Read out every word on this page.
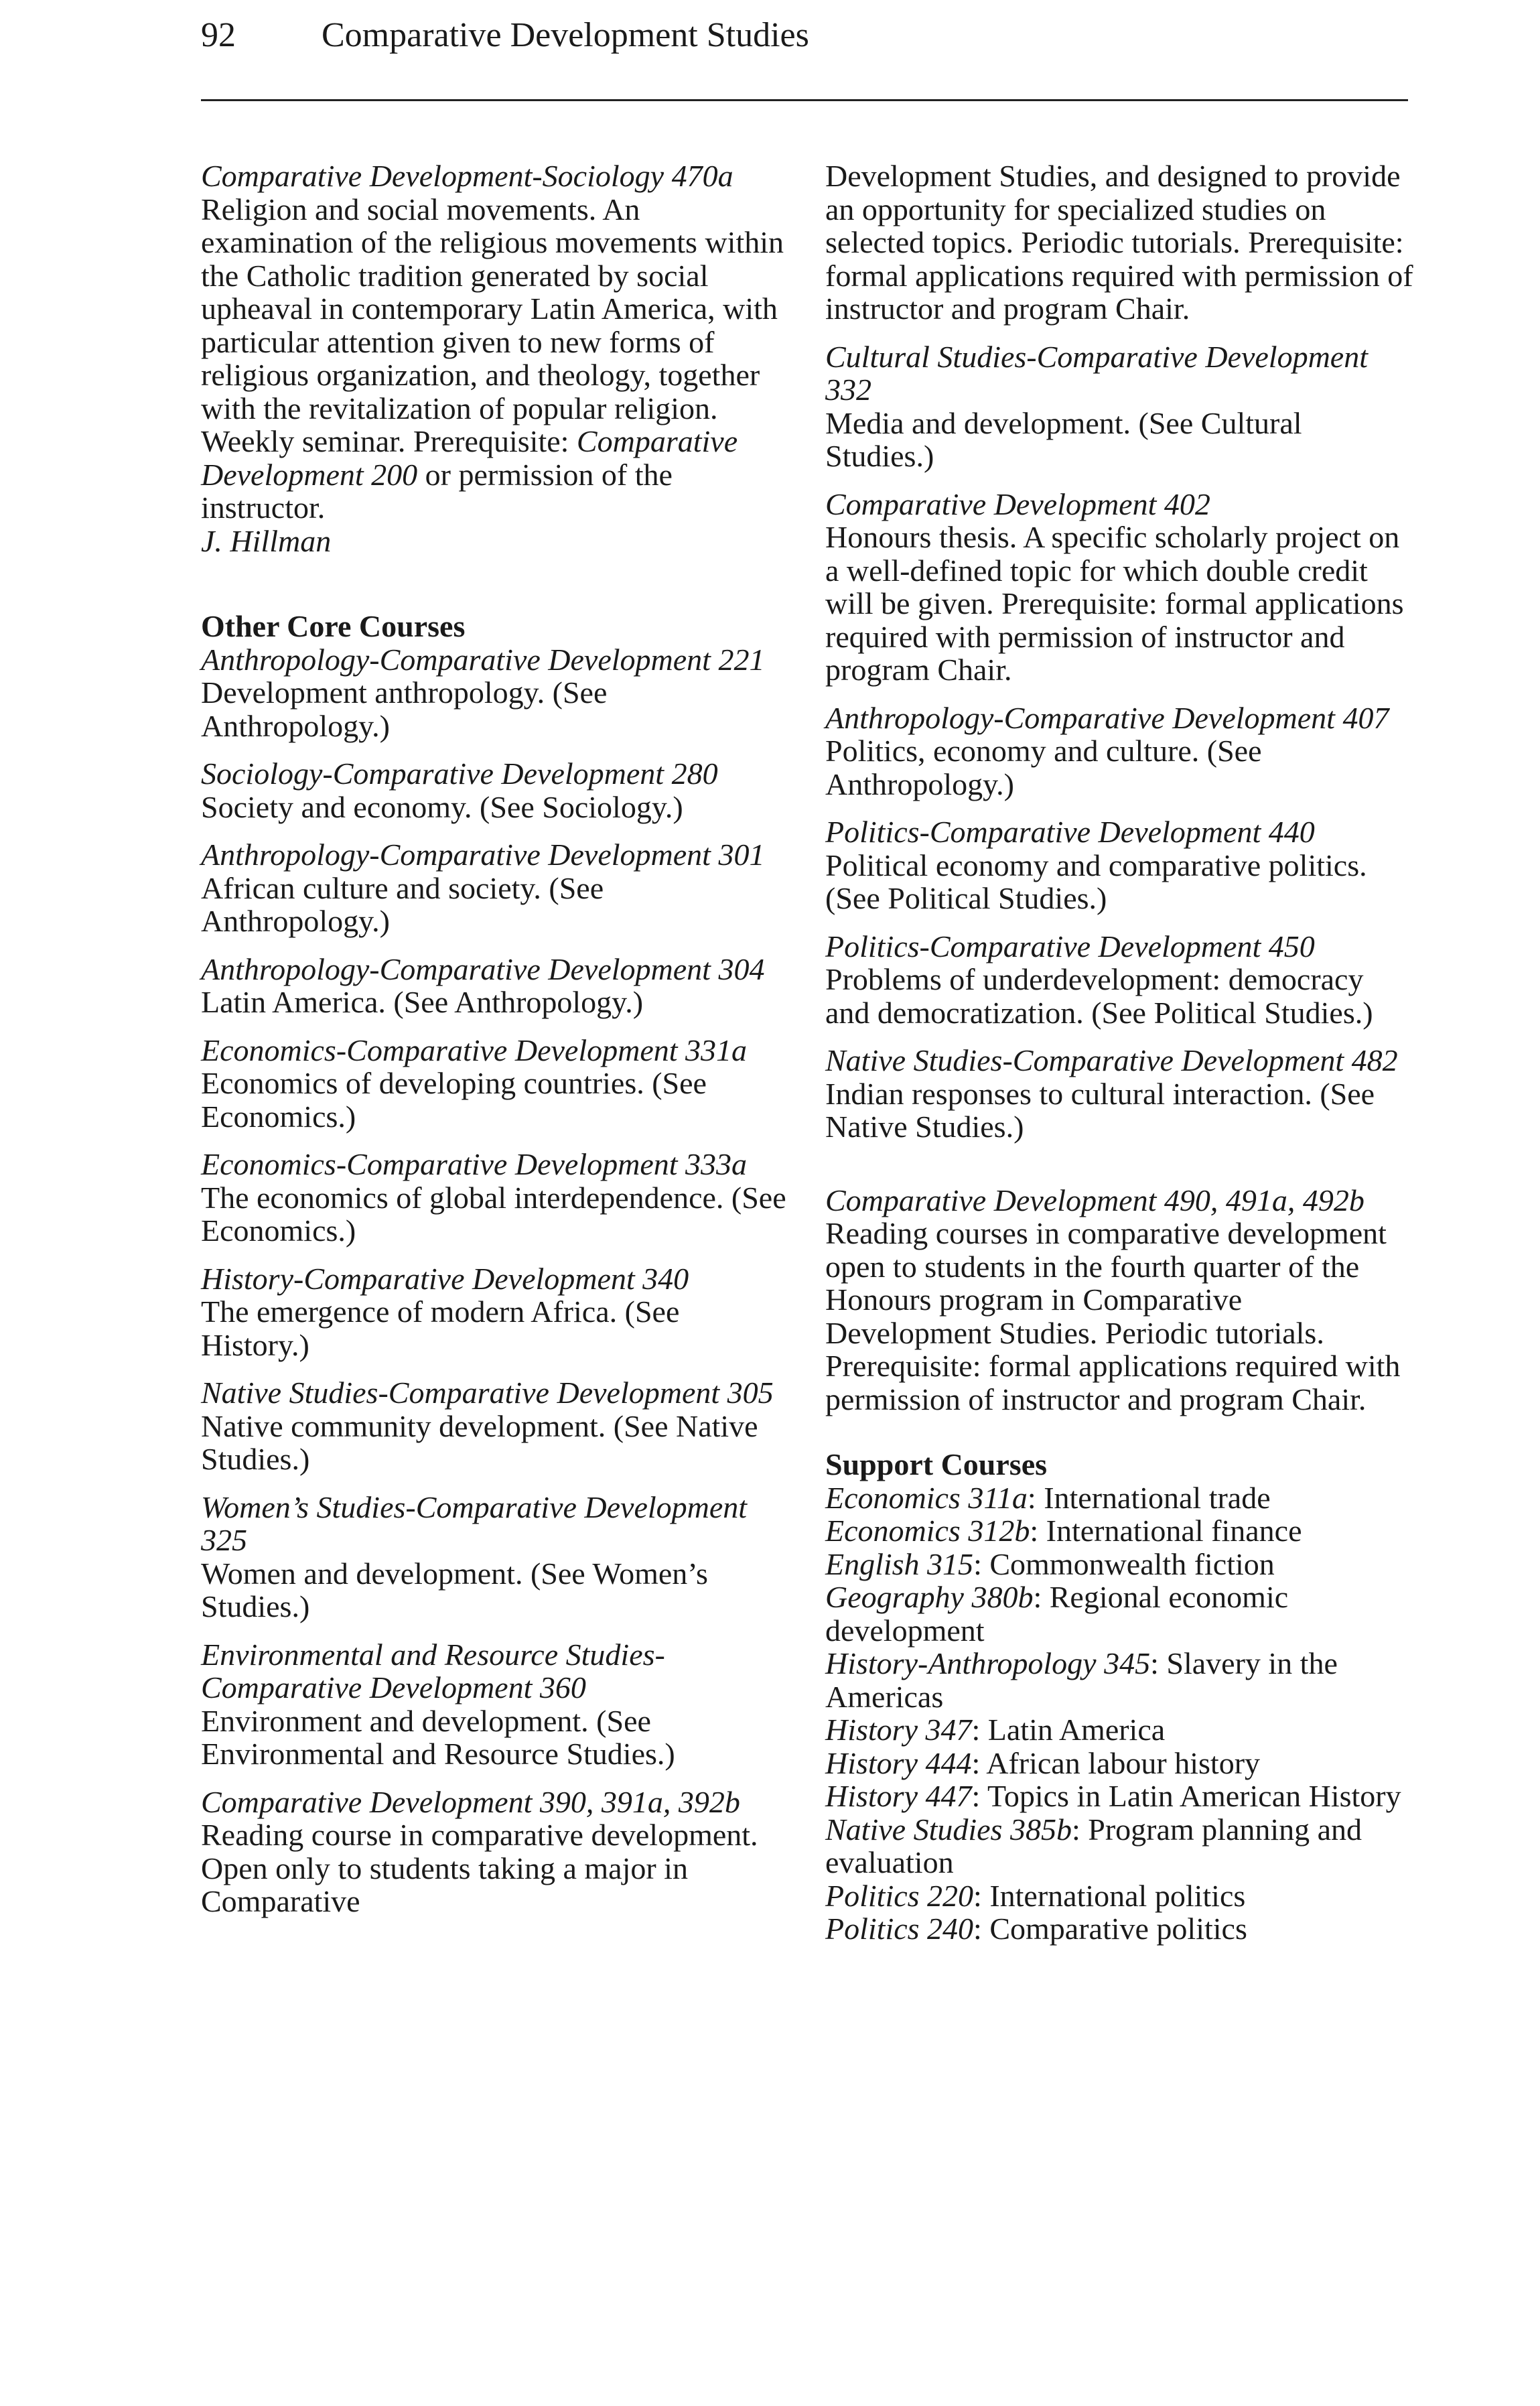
92 Comparative Development Studies
Comparative Development-Sociology 470a
Religion and social movements. An examination of the religious movements within the Catholic tradition generated by social upheaval in contemporary Latin America, with particular attention given to new forms of religious organization, and theology, together with the revitalization of popular religion. Weekly seminar. Prerequisite: Comparative Development 200 or permission of the instructor.
J. Hillman
Other Core Courses
Anthropology-Comparative Development 221
Development anthropology. (See Anthropology.)
Sociology-Comparative Development 280
Society and economy. (See Sociology.)
Anthropology-Comparative Development 301
African culture and society. (See Anthropology.)
Anthropology-Comparative Development 304
Latin America. (See Anthropology.)
Economics-Comparative Development 331a
Economics of developing countries. (See Economics.)
Economics-Comparative Development 333a
The economics of global interdependence. (See Economics.)
History-Comparative Development 340
The emergence of modern Africa. (See History.)
Native Studies-Comparative Development 305
Native community development. (See Native Studies.)
Women’s Studies-Comparative Development 325
Women and development. (See Women’s Studies.)
Environmental and Resource Studies-Comparative Development 360
Environment and development. (See Environmental and Resource Studies.)
Comparative Development 390, 391a, 392b
Reading course in comparative development. Open only to students taking a major in Comparative
Development Studies, and designed to provide an opportunity for specialized studies on selected topics. Periodic tutorials. Prerequisite: formal applications required with permission of instructor and program Chair.
Cultural Studies-Comparative Development 332
Media and development. (See Cultural Studies.)
Comparative Development 402
Honours thesis. A specific scholarly project on a well-defined topic for which double credit will be given. Prerequisite: formal applications required with permission of instructor and program Chair.
Anthropology-Comparative Development 407
Politics, economy and culture. (See Anthropology.)
Politics-Comparative Development 440
Political economy and comparative politics. (See Political Studies.)
Politics-Comparative Development 450
Problems of underdevelopment: democracy and democratization. (See Political Studies.)
Native Studies-Comparative Development 482
Indian responses to cultural interaction. (See Native Studies.)
Comparative Development 490, 491a, 492b
Reading courses in comparative development open to students in the fourth quarter of the Honours program in Comparative Development Studies. Periodic tutorials. Prerequisite: formal applications required with permission of instructor and program Chair.
Support Courses
Economics 311a: International trade
Economics 312b: International finance
English 315: Commonwealth fiction
Geography 380b: Regional economic development
History-Anthropology 345: Slavery in the Americas
History 347: Latin America
History 444: African labour history
History 447: Topics in Latin American History
Native Studies 385b: Program planning and evaluation
Politics 220: International politics
Politics 240: Comparative politics
